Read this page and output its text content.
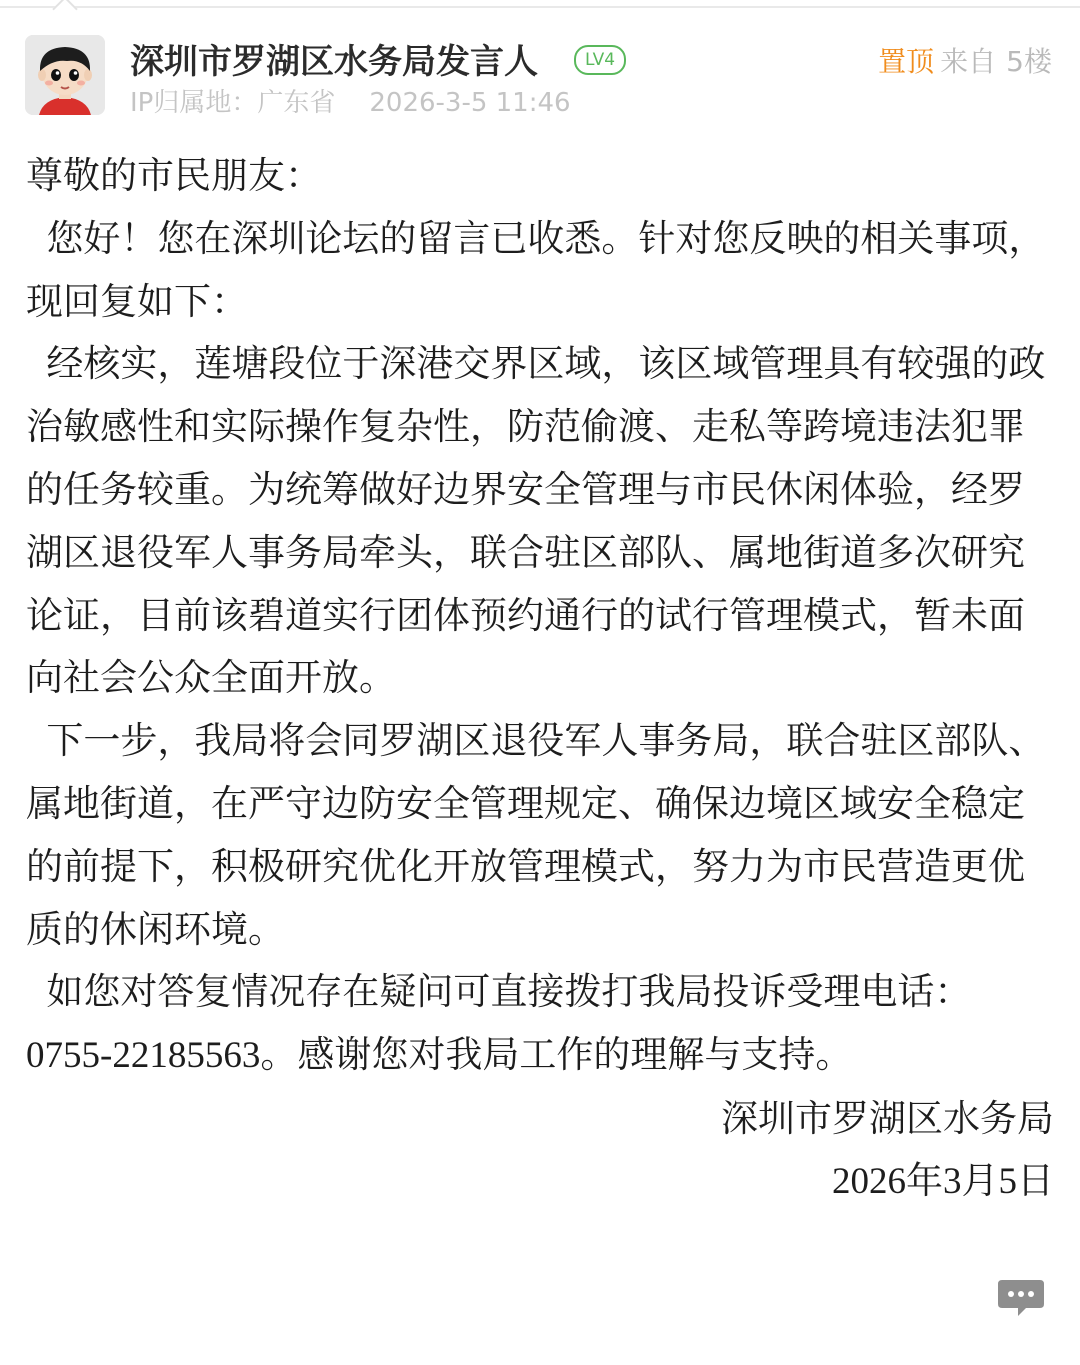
深圳市罗湖区水务局发言人	LV4
IP归属地：广东省 2026-3-5 11:46
置顶 来自 5楼

尊敬的市民朋友：

您好！您在深圳论坛的留言已收悉。针对您反映的相关事项，现回复如下：

经核实，莲塘段位于深港交界区域，该区域管理具有较强的政治敏感性和实际操作复杂性，防范偷渡、走私等跨境违法犯罪的任务较重。为统筹做好边界安全管理与市民休闲体验，经罗湖区退役军人事务局牵头，联合驻区部队、属地街道多次研究论证，目前该碧道实行团体预约通行的试行管理模式，暂未面向社会公众全面开放。

下一步，我局将会同罗湖区退役军人事务局，联合驻区部队、属地街道，在严守边防安全管理规定、确保边境区域安全稳定的前提下，积极研究优化开放管理模式，努力为市民营造更优质的休闲环境。

如您对答复情况存在疑问可直接拨打我局投诉受理电话：0755-22185563。感谢您对我局工作的理解与支持。

深圳市罗湖区水务局

2026年3月5日
